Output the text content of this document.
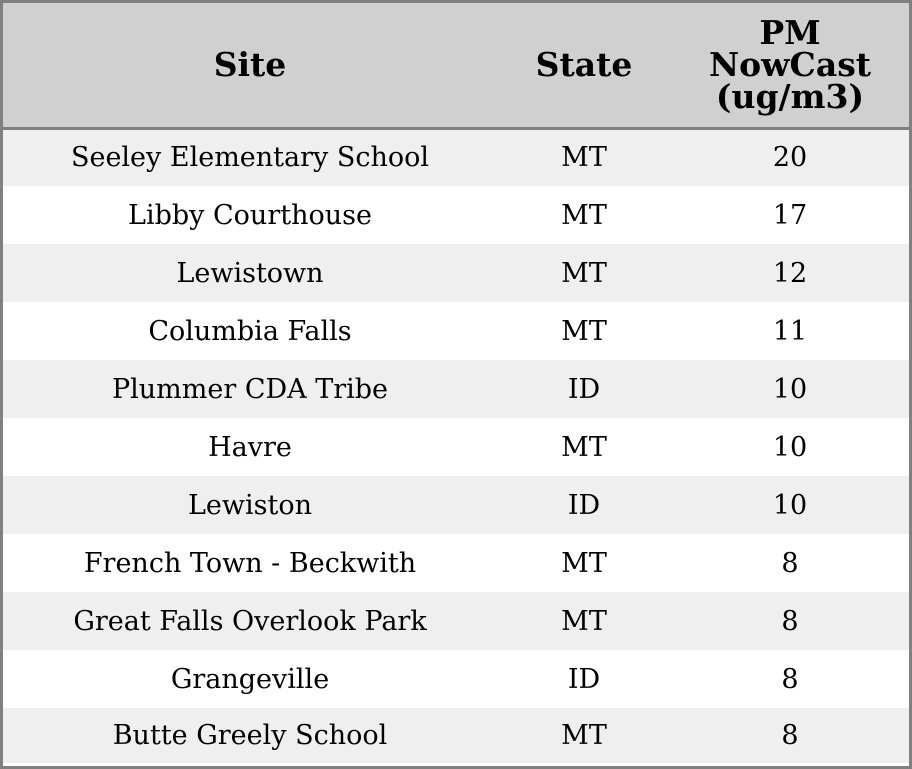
Site	State	PM
NowCast
(ug/m3)

Seeley Elementary School	MT	20
Libby Courthouse	MT	17
Lewistown	MT	12
Columbia Falls	MT	11
Plummer CDA Tribe	ID	10
Havre	MT	10
Lewiston	ID	10
French Town - Beckwith	MT	8
Great Falls Overlook Park	MT	8
Grangeville	ID	8
Butte Greely School	MT	8
